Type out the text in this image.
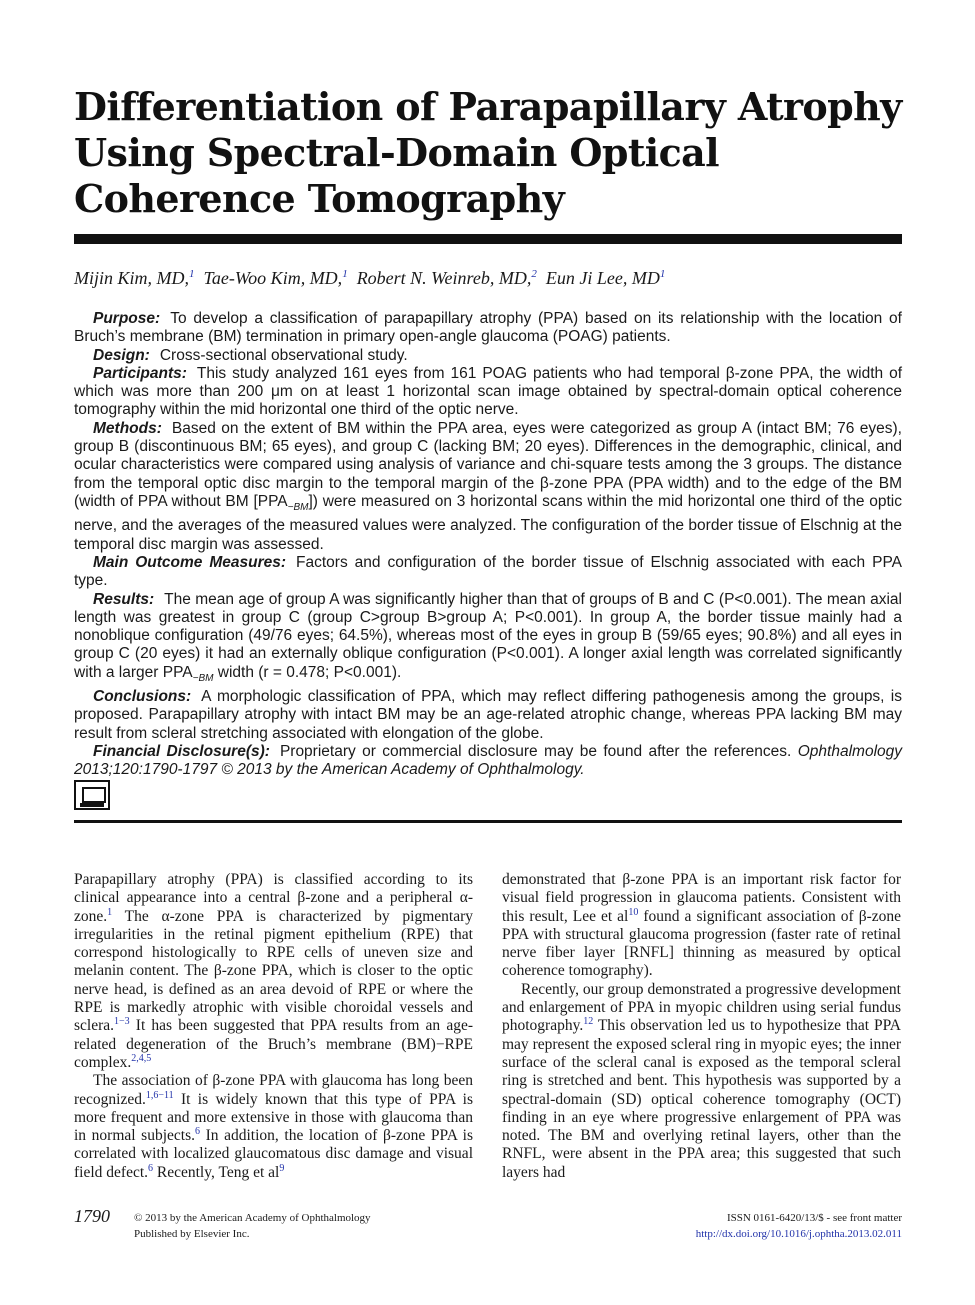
Differentiation of Parapapillary Atrophy Using Spectral-Domain Optical Coherence Tomography
Mijin Kim, MD,$^1$ Tae-Woo Kim, MD,$^1$ Robert N. Weinreb, MD,$^2$ Eun Ji Lee, $MD^1$

Purpose: To develop a classification of parapapillary atrophy (PPA) based on its relationship with the location of Bruch’s membrane (BM) termination in primary open-angle glaucoma (POAG) patients.

Design: Cross-sectional observational study.

Participants: This study analyzed 161 eyes from 161 POAG patients who had temporal β-zone PPA, the width of which was more than 200 μm on at least 1 horizontal scan image obtained by spectral-domain optical coherence tomography within the mid horizontal one third of the optic nerve.

Methods: Based on the extent of BM within the PPA area, eyes were categorized as group A (intact BM; 76 eyes), group B (discontinuous BM; 65 eyes), and group C (lacking BM; 20 eyes). Differences in the demographic, clinical, and ocular characteristics were compared using analysis of variance and chi-square tests among the 3 groups. The distance from the temporal optic disc margin to the temporal margin of the β-zone PPA (PPA width) and to the edge of the BM (width of PPA without BM $[PPA_{-BM}]$) were measured on 3 horizontal scans within the mid horizontal one third of the optic nerve, and the averages of the measured values were analyzed. The configuration of the border tissue of Elschnig at the temporal disc margin was assessed.

Main Outcome Measures: Factors and configuration of the border tissue of Elschnig associated with each PPA type.

Results: The mean age of group A was significantly higher than that of groups of B and C (P<0.001). The mean axial length was greatest in group C (group C>group B>group A; P<0.001). In group A, the border tissue mainly had a nonoblique configuration (49/76 eyes; 64.5%), whereas most of the eyes in group B (59/65 eyes; 90.8%) and all eyes in group C (20 eyes) it had an externally oblique configuration (P<0.001). A longer axial length was correlated significantly with a larger $PPA_{-BM}$ width (r = 0.478; P<0.001).

Conclusions: A morphologic classification of PPA, which may reflect differing pathogenesis among the groups, is proposed. Parapapillary atrophy with intact BM may be an age-related atrophic change, whereas PPA lacking BM may result from scleral stretching associated with elongation of the globe.

Financial Disclosure(s): Proprietary or commercial disclosure may be found after the references. Ophthalmology 2013;120:1790-1797 © 2013 by the American Academy of Ophthalmology.

Parapapillary atrophy (PPA) is classified according to its clinical appearance into a central β-zone and a peripheral α-zone.$^1$ The α-zone PPA is characterized by pigmentary irregularities in the retinal pigment epithelium (RPE) that correspond histologically to RPE cells of uneven size and melanin content. The β-zone PPA, which is closer to the optic nerve head, is defined as an area devoid of RPE or where the RPE is markedly atrophic with visible choroidal vessels and sclera.$^{1-3}$ It has been suggested that PPA results from an age-related degeneration of the Bruch’s membrane (BM)−RPE complex.$^{2,4,5}$

The association of β-zone PPA with glaucoma has long been recognized.$^{1,6-11}$ It is widely known that this type of PPA is more frequent and more extensive in those with glaucoma than in normal subjects.$^6$ In addition, the location of β-zone PPA is correlated with localized glaucomatous disc damage and visual field defect.$^6$ Recently, Teng et $al^9$

demonstrated that β-zone PPA is an important risk factor for visual field progression in glaucoma patients. Consistent with this result, Lee et $al^{10}$ found a significant association of β-zone PPA with structural glaucoma progression (faster rate of retinal nerve fiber layer [RNFL] thinning as measured by optical coherence tomography).

Recently, our group demonstrated a progressive development and enlargement of PPA in myopic children using serial fundus photography.$^{12}$ This observation led us to hypothesize that PPA may represent the exposed scleral ring in myopic eyes; the inner surface of the scleral canal is exposed as the temporal scleral ring is stretched and bent. This hypothesis was supported by a spectral-domain (SD) optical coherence tomography (OCT) finding in an eye where progressive enlargement of PPA was noted. The BM and overlying retinal layers, other than the RNFL, were absent in the PPA area; this suggested that such layers had

1790 © 2013 by the American Academy of Ophthalmology
Published by Elsevier Inc.
ISSN 0161-6420/13/$ - see front matter
http://dx.doi.org/10.1016/j.ophtha.2013.02.011
